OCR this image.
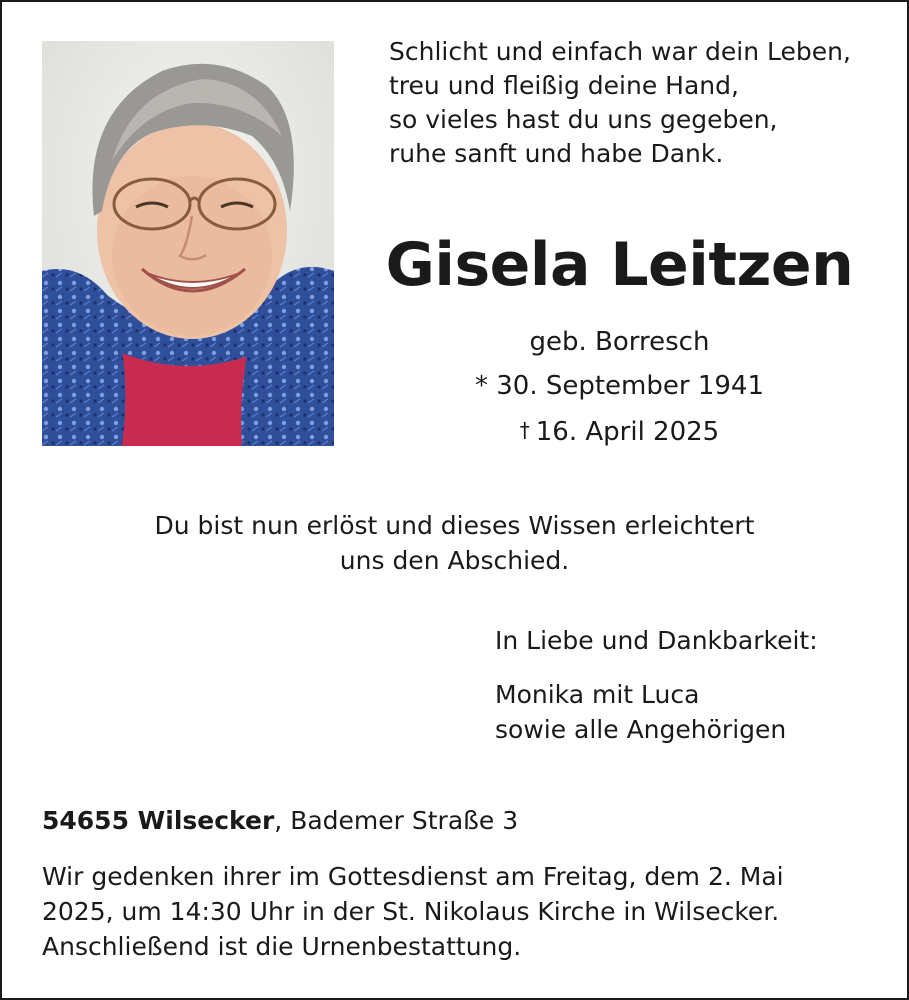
Schlicht und einfach war dein Leben,
treu und fleißig deine Hand,
so vieles hast du uns gegeben,
ruhe sanft und habe Dank.
Gisela Leitzen
geb. Borresch
* 30. September 1941
† 16. April 2025
Du bist nun erlöst und dieses Wissen erleichtert
uns den Abschied.
In Liebe und Dankbarkeit:
Monika mit Luca
sowie alle Angehörigen
54655 Wilsecker, Bademer Straße 3
Wir gedenken ihrer im Gottesdienst am Freitag, dem 2. Mai
2025, um 14:30 Uhr in der St. Nikolaus Kirche in Wilsecker.
Anschließend ist die Urnenbestattung.
